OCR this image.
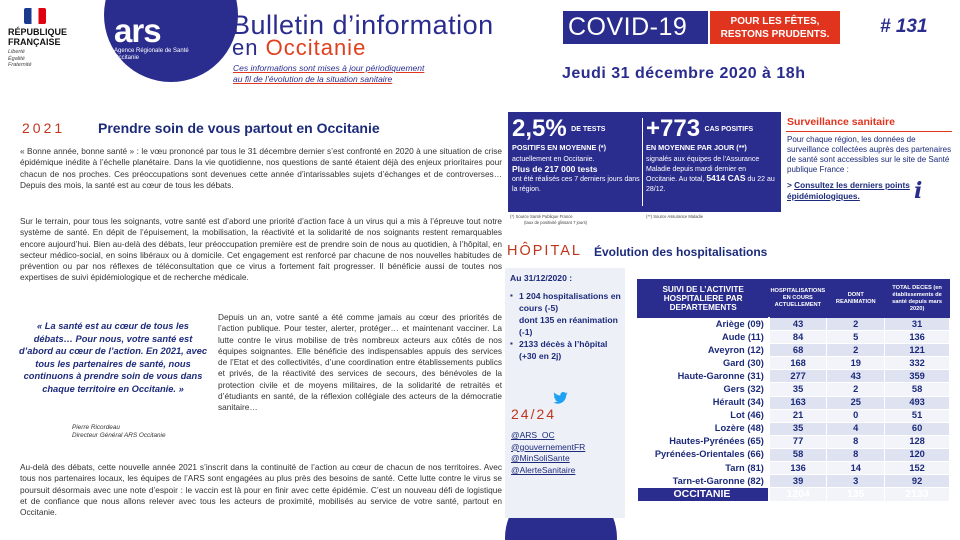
RÉPUBLIQUE FRANÇAISE
Liberté
Égalité
Fraternité
ars
Agence Régionale de Santé
Occitanie
Bulletin d’information
en Occitanie
COVID-19	POUR LES FÊTES,
RESTONS PRUDENTS.	# 131
Ces informations sont mises à jour périodiquement
au fil de l’évolution de la situation sanitaire	Jeudi 31 décembre 2020 à 18h
2021 Prendre soin de vous partout en Occitanie

« Bonne année, bonne santé » : le vœu prononcé par tous le 31 décembre dernier s’est confronté en 2020 à une situation de crise épidémique inédite à l’échelle planétaire. Dans la vie quotidienne, nos questions de santé étaient déjà des enjeux prioritaires pour chacun de nos proches. Ces préoccupations sont devenues cette année d’intarissables sujets d’échanges et de controverses… Depuis des mois, la santé est au cœur de tous les débats.

Sur le terrain, pour tous les soignants, votre santé est d’abord une priorité d’action face à un virus qui a mis à l’épreuve tout notre système de santé. En dépit de l’épuisement, la mobilisation, la réactivité et la solidarité de nos soignants restent remarquables encore aujourd’hui. Bien au-delà des débats, leur préoccupation première est de prendre soin de nous au quotidien, à l’hôpital, en secteur médico-social, en soins libéraux ou à domicile. Cet engagement est renforcé par chacune de nos nouvelles habitudes de prévention ou par nos réflexes de téléconsultation que ce virus a fortement fait progresser. Il bénéficie aussi de toutes nos expertises de suivi épidémiologique et de recherche médicale.

« La santé est au cœur de tous les débats… Pour nous, votre santé est d’abord au cœur de l’action. En 2021, avec tous les partenaires de santé, nous continuons à prendre soin de vous dans chaque territoire en Occitanie. »
Pierre Ricordeau
Directeur Général ARS Occitanie

Depuis un an, votre santé a été comme jamais au cœur des priorités de l’action publique. Pour tester, alerter, protéger… et maintenant vacciner. La lutte contre le virus mobilise de très nombreux acteurs aux côtés de nos équipes soignantes. Elle bénéficie des indispensables appuis des services de l’Etat et des collectivités, d’une coordination entre établissements publics et privés, de la réactivité des services de secours, des bénévoles de la protection civile et de moyens militaires, de la solidarité de retraités et d’étudiants en santé, de la réflexion collégiale des acteurs de la démocratie sanitaire…

Au-delà des débats, cette nouvelle année 2021 s’inscrit dans la continuité de l’action au cœur de chacun de nos territoires. Avec tous nos partenaires locaux, les équipes de l’ARS sont engagées au plus près des besoins de santé. Cette lutte contre le virus se poursuit désormais avec une note d’espoir : le vaccin est là pour en finir avec cette épidémie. C’est un nouveau défi de logistique et de confiance que nous allons relever avec tous les acteurs de proximité, mobilisés au service de votre santé, partout en Occitanie.

2,5% DE TESTS
POSITIFS EN MOYENNE (*)
actuellement en Occitanie.
Plus de 217 000 tests
ont été réalisés ces 7 derniers jours dans la région.
+773 CAS POSITIFS
EN MOYENNE PAR JOUR (**)
signalés aux équipes de l’Assurance Maladie depuis mardi dernier en Occitanie. Au total, 5414 CAS du 22 au 28/12.
(*) Source Santé Publique France
(taux de positivité glissant 7 jours)
(**) Source Assurance Maladie
Surveillance sanitaire
Pour chaque région, les données de surveillance collectées auprès des partenaires de santé sont accessibles sur le site de Santé publique France :
> Consultez les derniers points épidémiologiques.	i
HÔPITAL Évolution des hospitalisations
Au 31/12/2020 :
▪ 1 204 hospitalisations en cours (-5)
dont 135 en réanimation (-1)
▪ 2133 décès à l’hôpital (+30 en 2j)
24/24
@ARS_OC
@gouvernementFR
@MinSoliSante
@AlerteSanitaire
SUIVI DE L’ACTIVITE HOSPITALIERE PAR DEPARTEMENTS	HOSPITALISATIONS EN COURS ACTUELLEMENT	DONT REANIMATION	TOTAL DECES (en établissements de santé depuis mars 2020)
Ariège (09)	43	2	31
Aude (11)	84	5	136
Aveyron (12)	68	2	121
Gard (30)	168	19	332
Haute-Garonne (31)	277	43	359
Gers (32)	35	2	58
Hérault (34)	163	25	493
Lot (46)	21	0	51
Lozère (48)	35	4	60
Hautes-Pyrénées (65)	77	8	128
Pyrénées-Orientales (66)	58	8	120
Tarn (81)	136	14	152
Tarn-et-Garonne (82)	39	3	92
OCCITANIE	1204	135	2133
